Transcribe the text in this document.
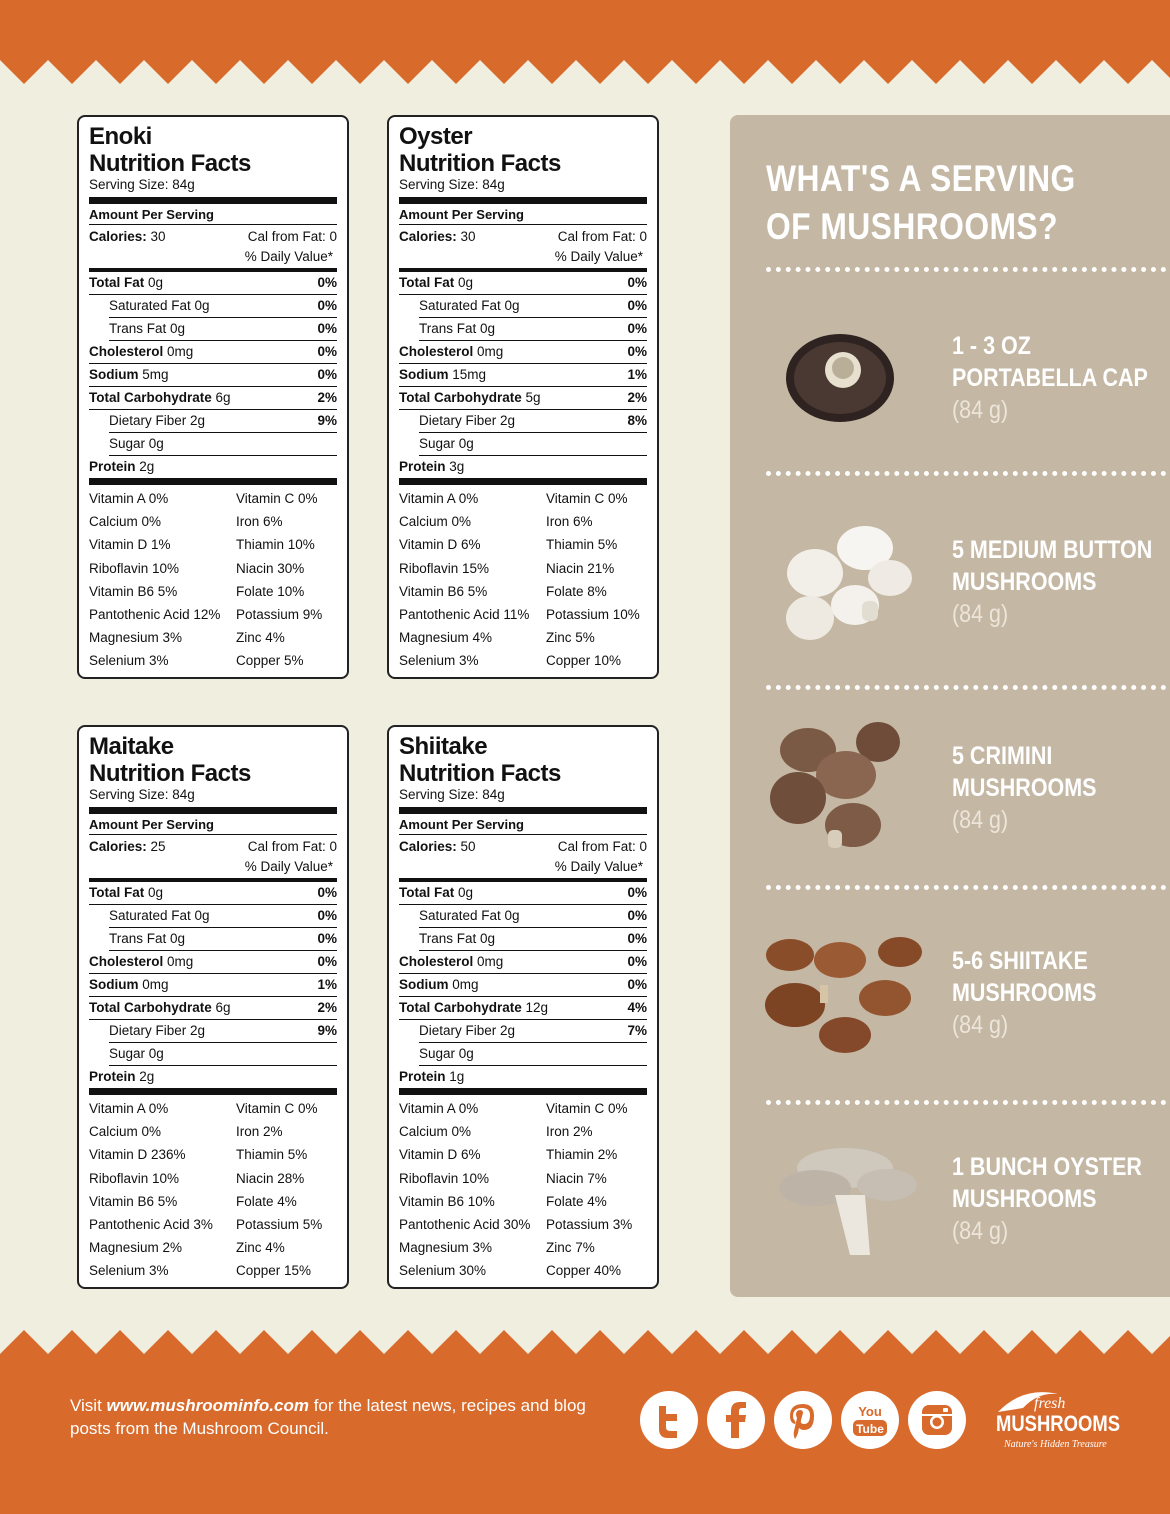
Enoki
Nutrition Facts
Serving Size: 84g
Amount Per Serving
Calories: 30	Cal from Fat: 0
% Daily Value*
Total Fat 0g	0%
Saturated Fat 0g	0%
Trans Fat 0g	0%
Cholesterol 0mg	0%
Sodium 5mg	0%
Total Carbohydrate 6g	2%
Dietary Fiber 2g	9%
Sugar 0g
Protein 2g
Vitamin A 0%	Vitamin C 0%
Calcium 0%	Iron 6%
Vitamin D 1%	Thiamin 10%
Riboflavin 10%	Niacin 30%
Vitamin B6 5%	Folate 10%
Pantothenic Acid 12%	Potassium 9%
Magnesium 3%	Zinc 4%
Selenium 3%	Copper 5%
Oyster
Nutrition Facts
Serving Size: 84g
Amount Per Serving
Calories: 30	Cal from Fat: 0
% Daily Value*
Total Fat 0g	0%
Saturated Fat 0g	0%
Trans Fat 0g	0%
Cholesterol 0mg	0%
Sodium 15mg	1%
Total Carbohydrate 5g	2%
Dietary Fiber 2g	8%
Sugar 0g
Protein 3g
Vitamin A 0%	Vitamin C 0%
Calcium 0%	Iron 6%
Vitamin D 6%	Thiamin 5%
Riboflavin 15%	Niacin 21%
Vitamin B6 5%	Folate 8%
Pantothenic Acid 11%	Potassium 10%
Magnesium 4%	Zinc 5%
Selenium 3%	Copper 10%
Maitake
Nutrition Facts
Serving Size: 84g
Amount Per Serving
Calories: 25	Cal from Fat: 0
% Daily Value*
Total Fat 0g	0%
Saturated Fat 0g	0%
Trans Fat 0g	0%
Cholesterol 0mg	0%
Sodium 0mg	1%
Total Carbohydrate 6g	2%
Dietary Fiber 2g	9%
Sugar 0g
Protein 2g
Vitamin A 0%	Vitamin C 0%
Calcium 0%	Iron 2%
Vitamin D 236%	Thiamin 5%
Riboflavin 10%	Niacin 28%
Vitamin B6 5%	Folate 4%
Pantothenic Acid 3%	Potassium 5%
Magnesium 2%	Zinc 4%
Selenium 3%	Copper 15%
Shiitake
Nutrition Facts
Serving Size: 84g
Amount Per Serving
Calories: 50	Cal from Fat: 0
% Daily Value*
Total Fat 0g	0%
Saturated Fat 0g	0%
Trans Fat 0g	0%
Cholesterol 0mg	0%
Sodium 0mg	0%
Total Carbohydrate 12g	4%
Dietary Fiber 2g	7%
Sugar 0g
Protein 1g
Vitamin A 0%	Vitamin C 0%
Calcium 0%	Iron 2%
Vitamin D 6%	Thiamin 2%
Riboflavin 10%	Niacin 7%
Vitamin B6 10%	Folate 4%
Pantothenic Acid 30%	Potassium 3%
Magnesium 3%	Zinc 7%
Selenium 30%	Copper 40%
WHAT'S A SERVING
OF MUSHROOMS?
1 - 3 OZ
PORTABELLA CAP
(84 g)
5 MEDIUM BUTTON
MUSHROOMS
(84 g)
5 CRIMINI
MUSHROOMS
(84 g)
5-6 SHIITAKE
MUSHROOMS
(84 g)
1 BUNCH OYSTER
MUSHROOMS
(84 g)
Visit www.mushroominfo.com for the latest news, recipes and blog posts from the Mushroom Council.
You
Tube
fresh
MUSHROOMS
Nature's Hidden Treasure
